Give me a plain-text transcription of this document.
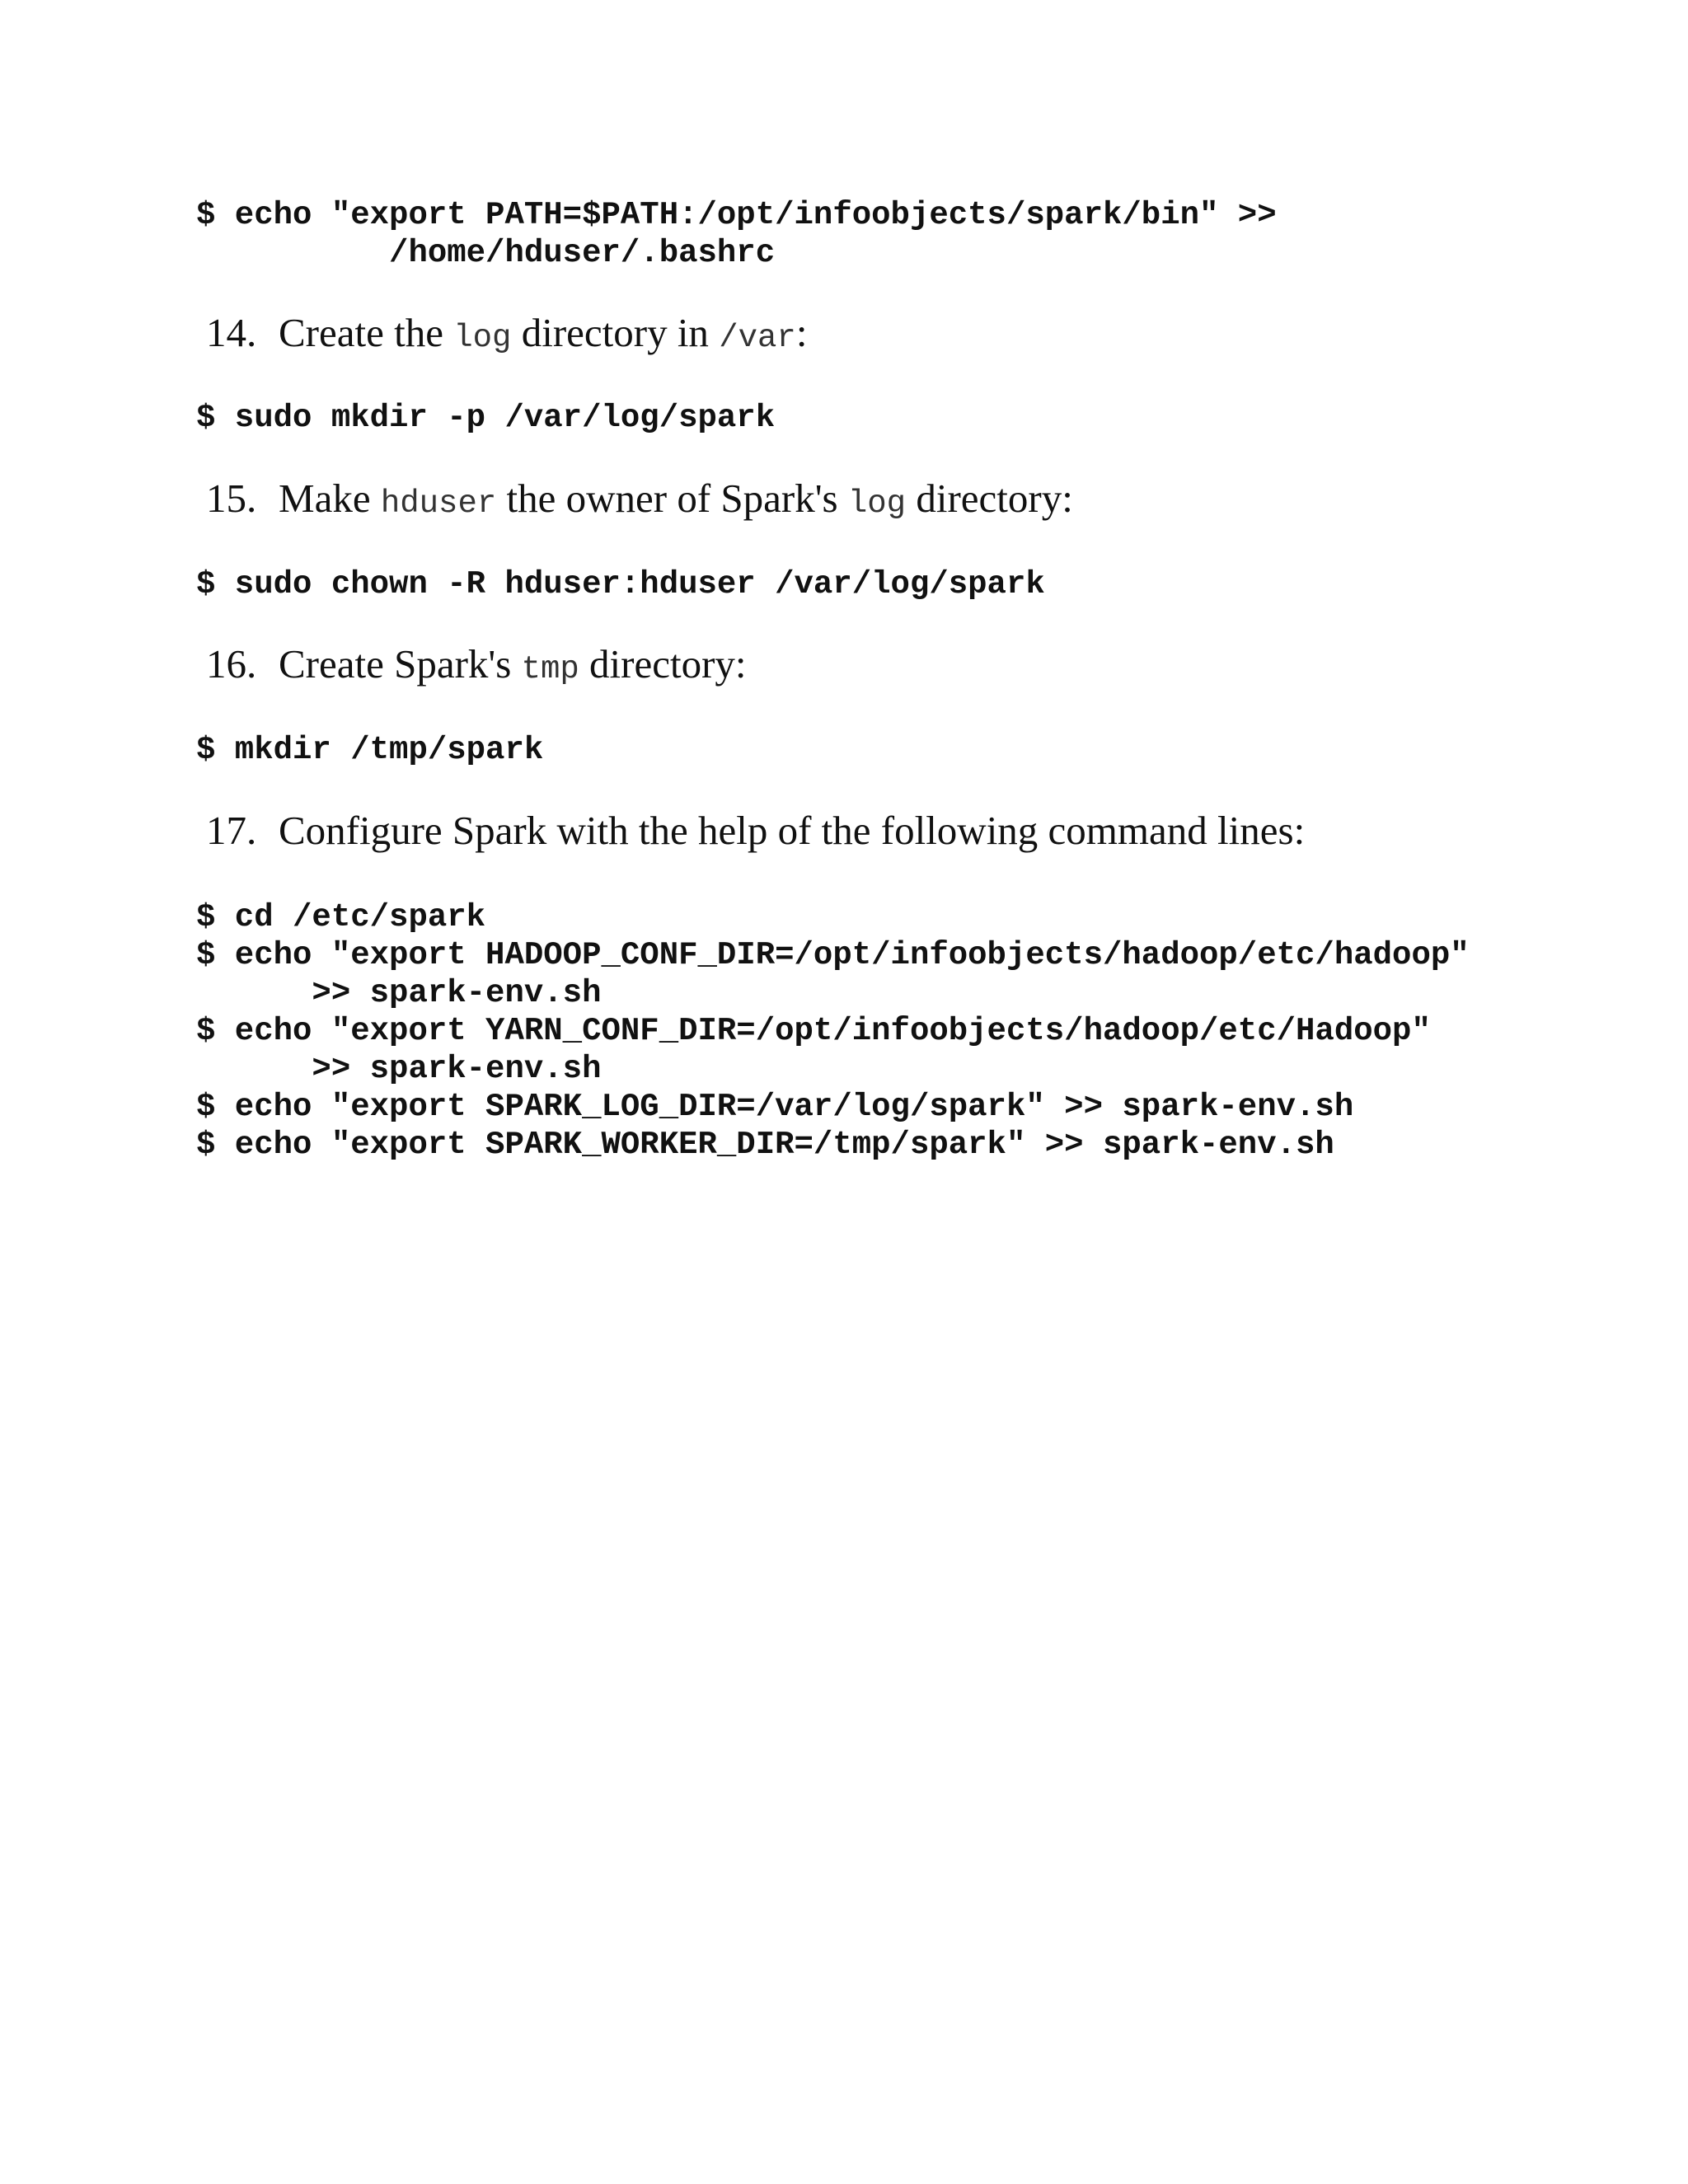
$ echo "export PATH=$PATH:/opt/infoobjects/spark/bin" >>
/home/hduser/.bashrc
14. Create the log directory in /var:
$ sudo mkdir -p /var/log/spark
15. Make hduser the owner of Spark's log directory:
$ sudo chown -R hduser:hduser /var/log/spark
16. Create Spark's tmp directory:
$ mkdir /tmp/spark
17. Configure Spark with the help of the following command lines:
$ cd /etc/spark
$ echo "export HADOOP_CONF_DIR=/opt/infoobjects/hadoop/etc/hadoop"
>> spark-env.sh
$ echo "export YARN_CONF_DIR=/opt/infoobjects/hadoop/etc/Hadoop"
>> spark-env.sh
$ echo "export SPARK_LOG_DIR=/var/log/spark" >> spark-env.sh
$ echo "export SPARK_WORKER_DIR=/tmp/spark" >> spark-env.sh
